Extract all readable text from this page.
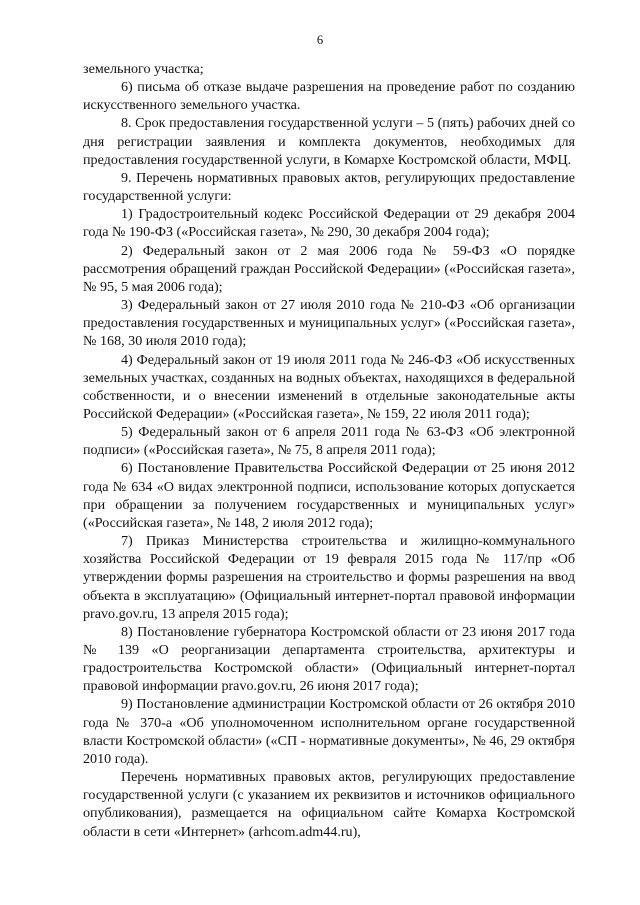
6

земельного участка;

6) письма об отказе выдаче разрешения на проведение работ по созданию искусственного земельного участка.

8. Срок предоставления государственной услуги – 5 (пять) рабочих дней со дня регистрации заявления и комплекта документов, необходимых для предоставления государственной услуги, в Комархе Костромской области, МФЦ.

9. Перечень нормативных правовых актов, регулирующих предоставление государственной услуги:

1) Градостроительный кодекс Российской Федерации от 29 декабря 2004 года № 190-ФЗ («Российская газета», № 290, 30 декабря 2004 года);

2) Федеральный закон от 2 мая 2006 года № 59-ФЗ «О порядке рассмотрения обращений граждан Российской Федерации» («Российская газета», № 95, 5 мая 2006 года);

3) Федеральный закон от 27 июля 2010 года № 210-ФЗ «Об организации предоставления государственных и муниципальных услуг» («Российская газета», № 168, 30 июля 2010 года);

4) Федеральный закон от 19 июля 2011 года № 246-ФЗ «Об искусственных земельных участках, созданных на водных объектах, находящихся в федеральной собственности, и о внесении изменений в отдельные законодательные акты Российской Федерации» («Российская газета», № 159, 22 июля 2011 года);

5) Федеральный закон от 6 апреля 2011 года № 63-ФЗ «Об электронной подписи» («Российская газета», № 75, 8 апреля 2011 года);

6) Постановление Правительства Российской Федерации от 25 июня 2012 года № 634 «О видах электронной подписи, использование которых допускается при обращении за получением государственных и муниципальных услуг» («Российская газета», № 148, 2 июля 2012 года);

7) Приказ Министерства строительства и жилищно-коммунального хозяйства Российской Федерации от 19 февраля 2015 года № 117/пр «Об утверждении формы разрешения на строительство и формы разрешения на ввод объекта в эксплуатацию» (Официальный интернет-портал правовой информации pravo.gov.ru, 13 апреля 2015 года);

8) Постановление губернатора Костромской области от 23 июня 2017 года № 139 «О реорганизации департамента строительства, архитектуры и градостроительства Костромской области» (Официальный интернет-портал правовой информации pravo.gov.ru, 26 июня 2017 года);

9) Постановление администрации Костромской области от 26 октября 2010 года № 370-а «Об уполномоченном исполнительном органе государственной власти Костромской области» («СП - нормативные документы», № 46, 29 октября 2010 года).

Перечень нормативных правовых актов, регулирующих предоставление государственной услуги (с указанием их реквизитов и источников официального опубликования), размещается на официальном сайте Комарха Костромской области в сети «Интернет» (arhcom.adm44.ru),
